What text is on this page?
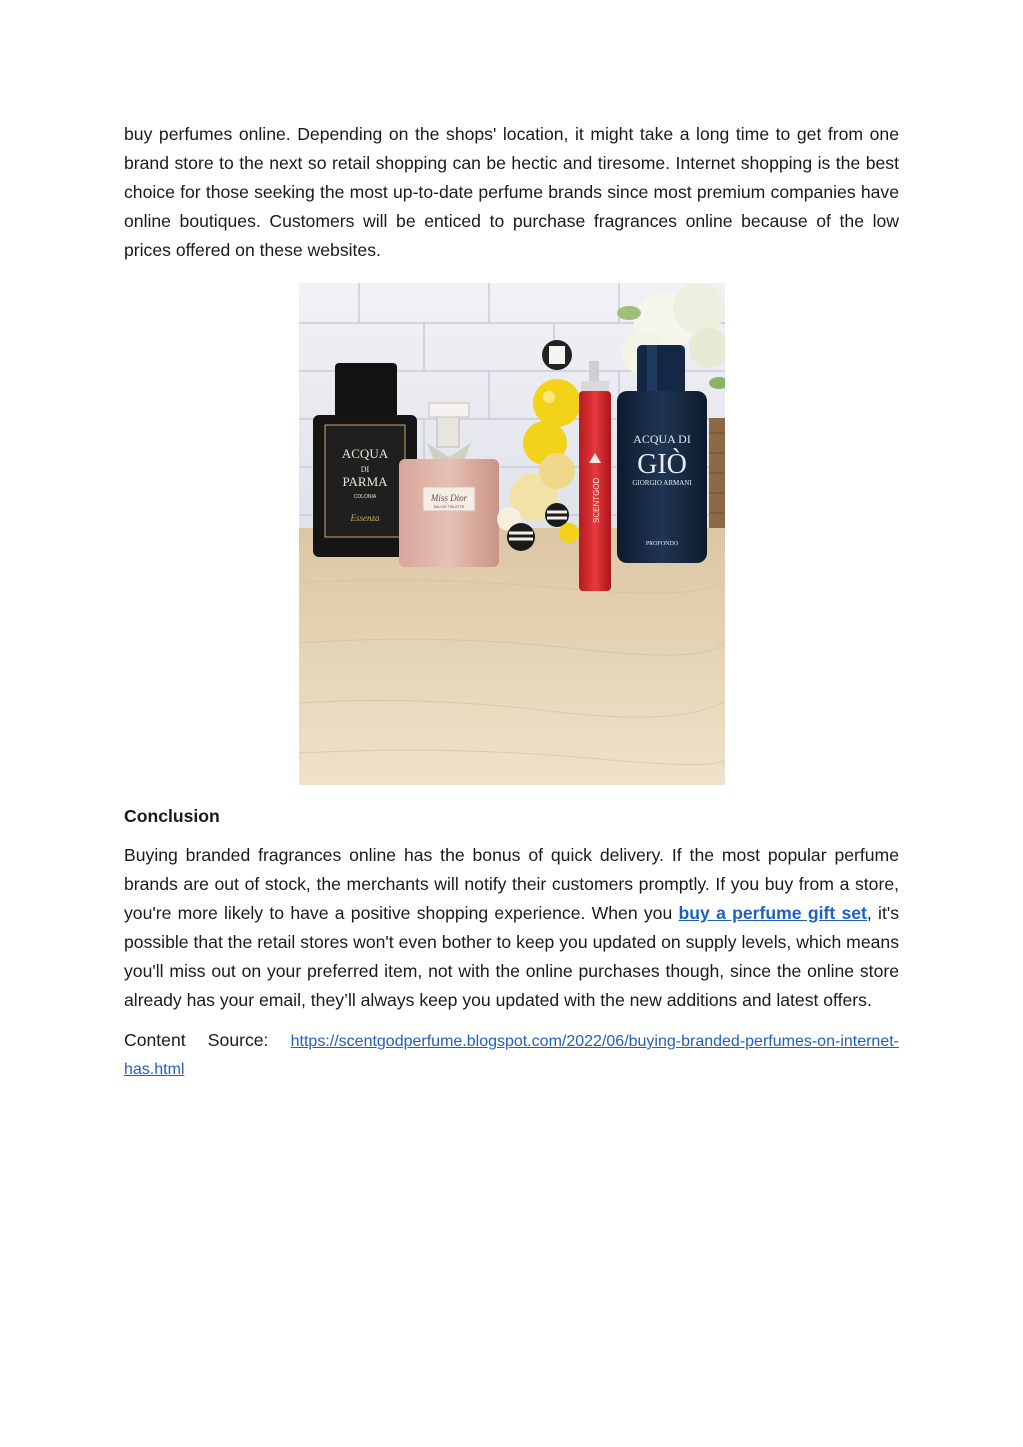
buy perfumes online. Depending on the shops' location, it might take a long time to get from one brand store to the next so retail shopping can be hectic and tiresome. Internet shopping is the best choice for those seeking the most up-to-date perfume brands since most premium companies have online boutiques. Customers will be enticed to purchase fragrances online because of the low prices offered on these websites.

ACQUA
DI
PARMA
COLONIA
Essenza
Miss Dior
EAU DE TOILETTE	SCENTGOD
ACQUA DI
GIÒ
GIORGIO ARMANI
PROFONDO
Conclusion

Buying branded fragrances online has the bonus of quick delivery. If the most popular perfume brands are out of stock, the merchants will notify their customers promptly. If you buy from a store, you're more likely to have a positive shopping experience. When you buy a perfume gift set, it's possible that the retail stores won't even bother to keep you updated on supply levels, which means you'll miss out on your preferred item, not with the online purchases though, since the online store already has your email, they’ll always keep you updated with the new additions and latest offers.

Content Source: https://scentgodperfume.blogspot.com/2022/06/buying-branded-perfumes-on-internet-has.html
